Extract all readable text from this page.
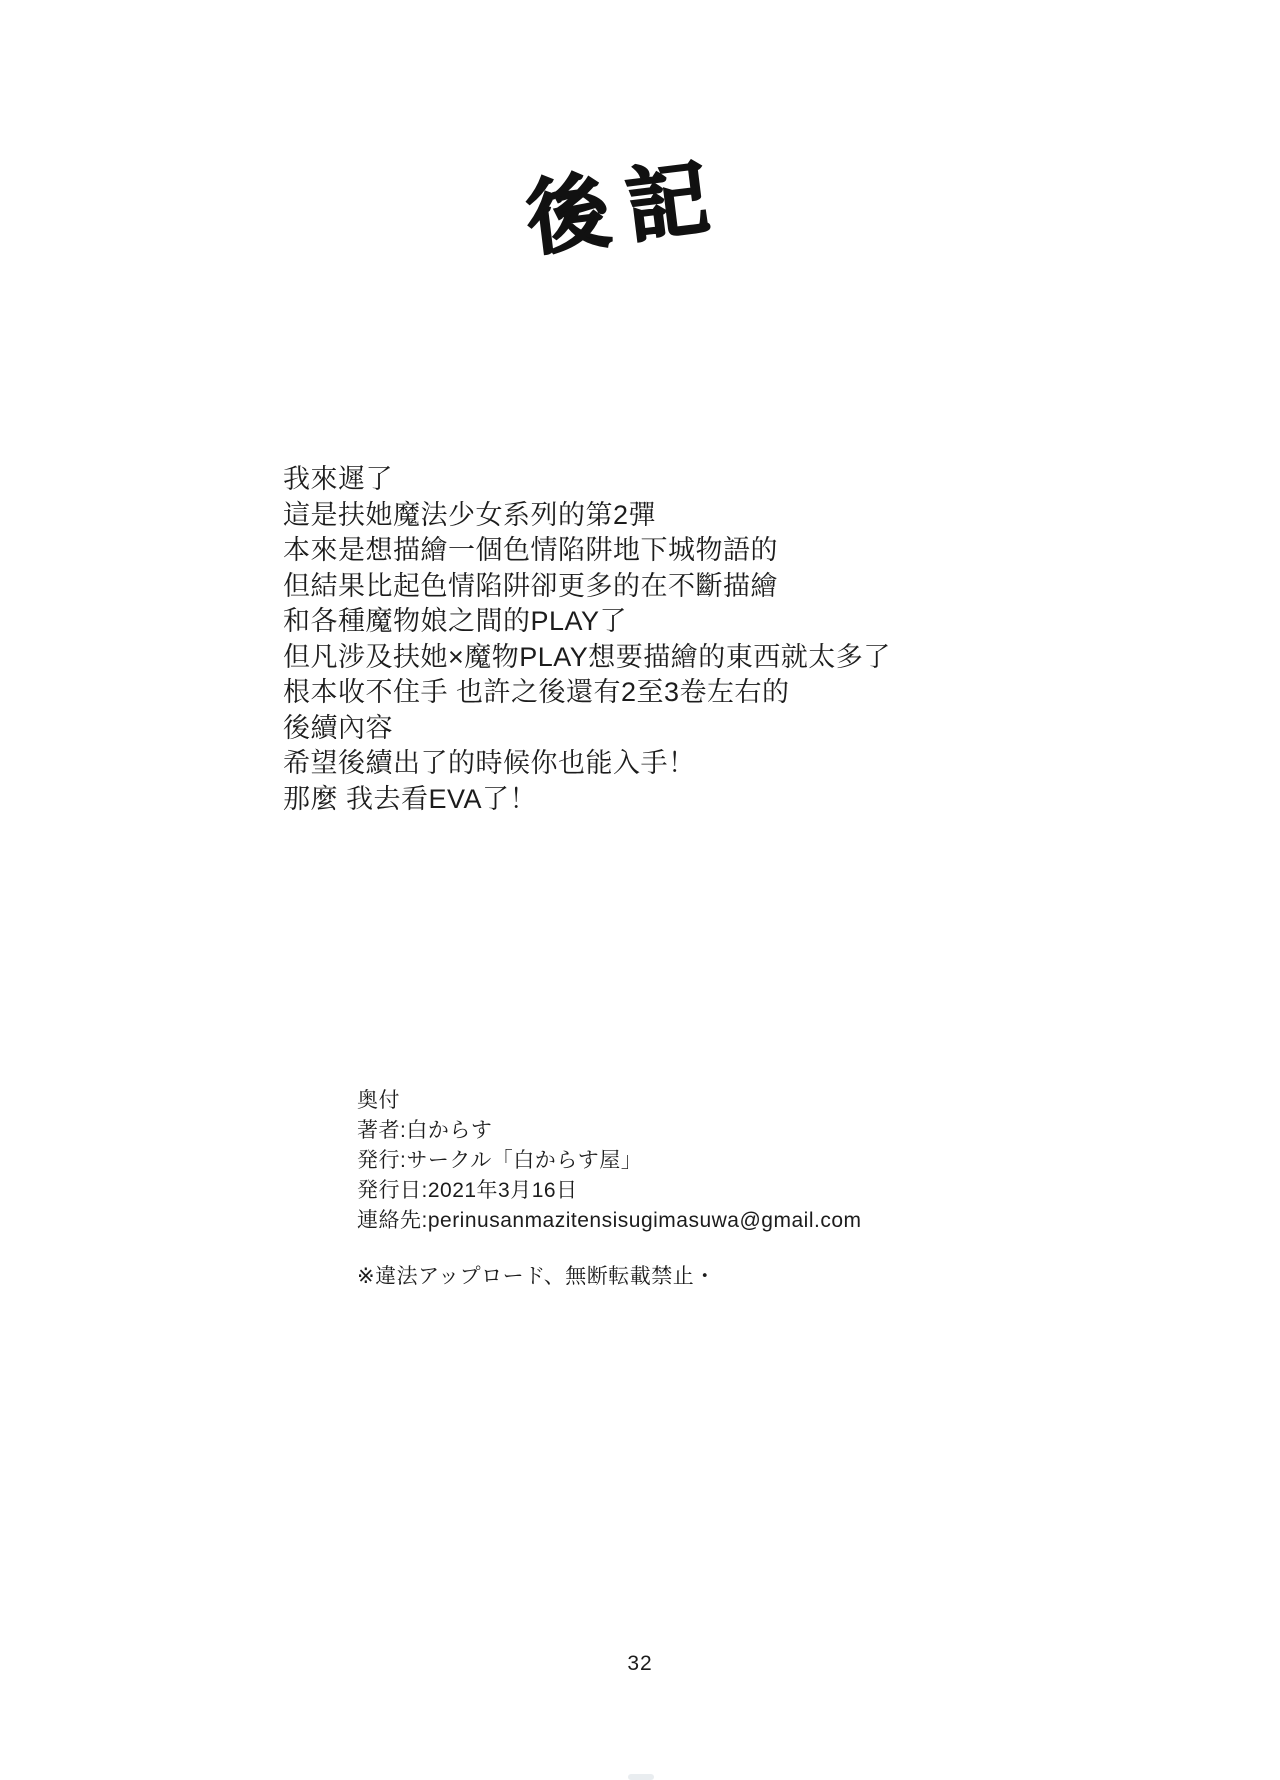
後記
我來遲了
這是扶她魔法少女系列的第2彈
本來是想描繪一個色情陷阱地下城物語的
但結果比起色情陷阱卻更多的在不斷描繪
和各種魔物娘之間的PLAY了
但凡涉及扶她×魔物PLAY想要描繪的東西就太多了
根本收不住手 也許之後還有2至3卷左右的
後續內容
希望後續出了的時候你也能入手！
那麼 我去看EVA了！
奥付
著者:白からす
発行:サークル「白からす屋」
発行日:2021年3月16日
連絡先:perinusanmazitensisugimasuwa@gmail.com
※違法アップロード、無断転載禁止・
32
